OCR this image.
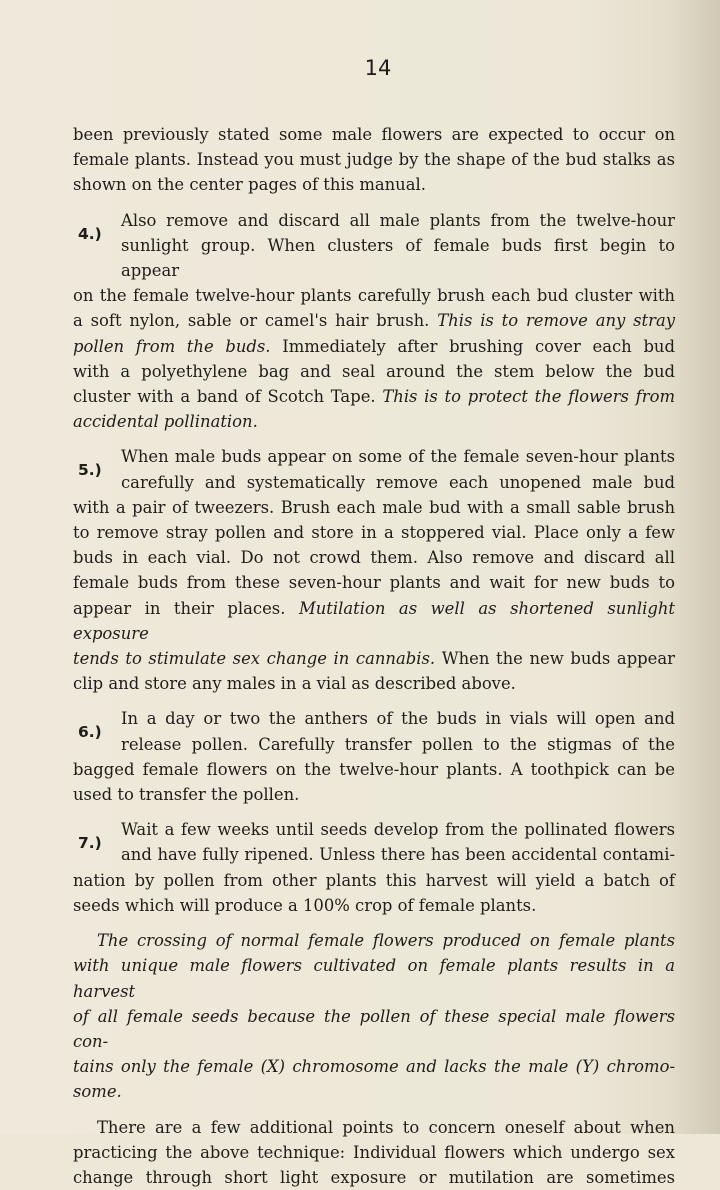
14

been previously stated some male flowers are expected to occur on
female plants. Instead you must judge by the shape of the bud stalks as
shown on the center pages of this manual.

4.)

Also remove and discard all male plants from the twelve-hour
sunlight group. When clusters of female buds first begin to appear
on the female twelve-hour plants carefully brush each bud cluster with
a soft nylon, sable or camel's hair brush. This is to remove any stray
pollen from the buds. Immediately after brushing cover each bud
with a polyethylene bag and seal around the stem below the bud
cluster with a band of Scotch Tape. This is to protect the flowers from
accidental pollination.

5.)

When male buds appear on some of the female seven-hour plants
carefully and systematically remove each unopened male bud
with a pair of tweezers. Brush each male bud with a small sable brush
to remove stray pollen and store in a stoppered vial. Place only a few
buds in each vial. Do not crowd them. Also remove and discard all
female buds from these seven-hour plants and wait for new buds to
appear in their places. Mutilation as well as shortened sunlight exposure
tends to stimulate sex change in cannabis. When the new buds appear
clip and store any males in a vial as described above.

6.)

In a day or two the anthers of the buds in vials will open and
release pollen. Carefully transfer pollen to the stigmas of the
bagged female flowers on the twelve-hour plants. A toothpick can be
used to transfer the pollen.

7.)

Wait a few weeks until seeds develop from the pollinated flowers
and have fully ripened. Unless there has been accidental contami-
nation by pollen from other plants this harvest will yield a batch of
seeds which will produce a 100% crop of female plants.

The crossing of normal female flowers produced on female plants
with unique male flowers cultivated on female plants results in a harvest
of all female seeds because the pollen of these special male flowers con-
tains only the female (X) chromosome and lacks the male (Y) chromo-
some.

There are a few additional points to concern oneself about when
practicing the above technique: Individual flowers which undergo sex
change through short light exposure or mutilation are sometimes
